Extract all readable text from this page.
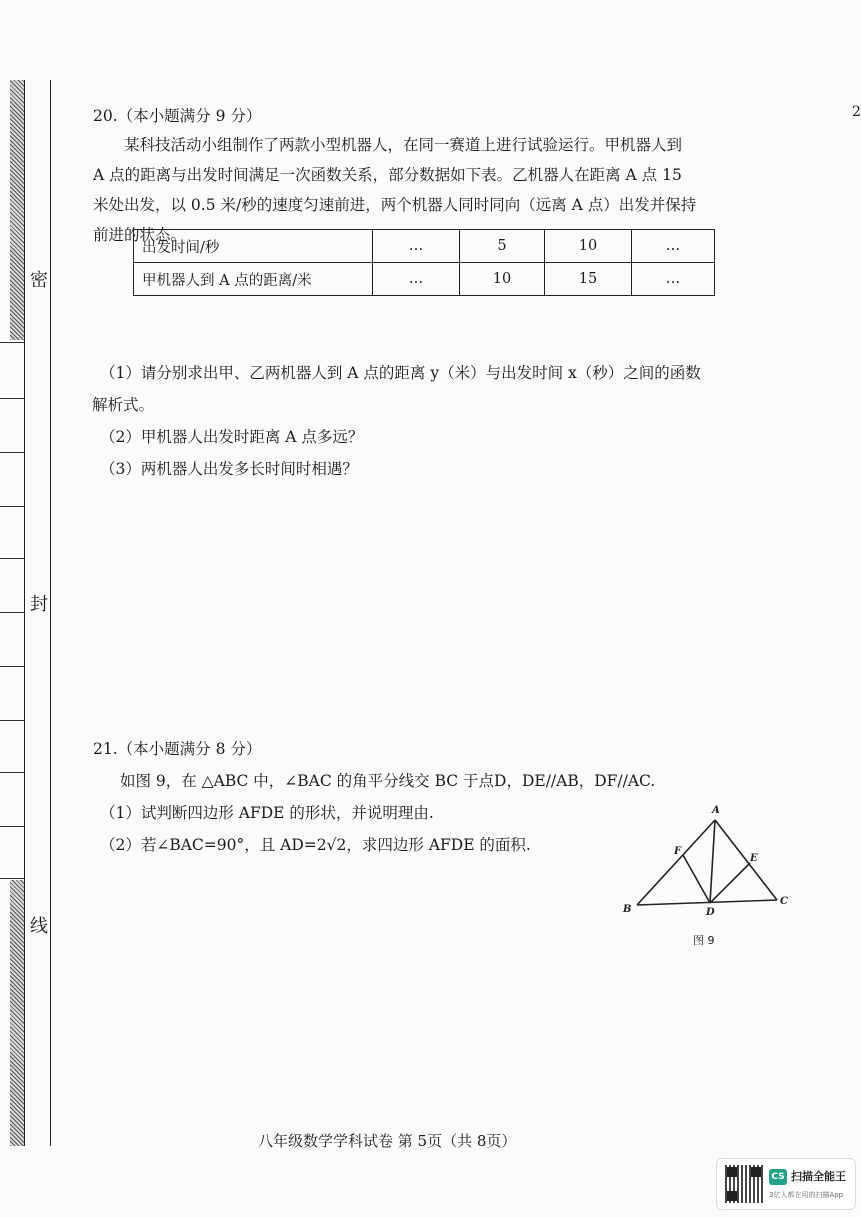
密
封
线
2
20.（本小题满分 9 分）
某科技活动小组制作了两款小型机器人，在同一赛道上进行试验运行。甲机器人到
A 点的距离与出发时间满足一次函数关系，部分数据如下表。乙机器人在距离 A 点 15
米处出发，以 0.5 米/秒的速度匀速前进，两个机器人同时同向（远离 A 点）出发并保持
前进的状态。
出发时间/秒	…	5	10	…
甲机器人到 A 点的距离/米	…	10	15	…
（1）请分别求出甲、乙两机器人到 A 点的距离 y（米）与出发时间 x（秒）之间的函数
解析式。
（2）甲机器人出发时距离 A 点多远？
（3）两机器人出发多长时间时相遇？
21.（本小题满分 8 分）
如图 9，在 △ABC 中，∠BAC 的角平分线交 BC 于点D，DE//AB，DF//AC.
（1）试判断四边形 AFDE 的形状，并说明理由.
（2）若∠BAC=90°，且 AD=2√2，求四边形 AFDE 的面积.
A
B
C
D
E
F
图 9
八年级数学学科试卷 第 5页（共 8页）
CS 扫描全能王
3亿人都在用的扫描App
